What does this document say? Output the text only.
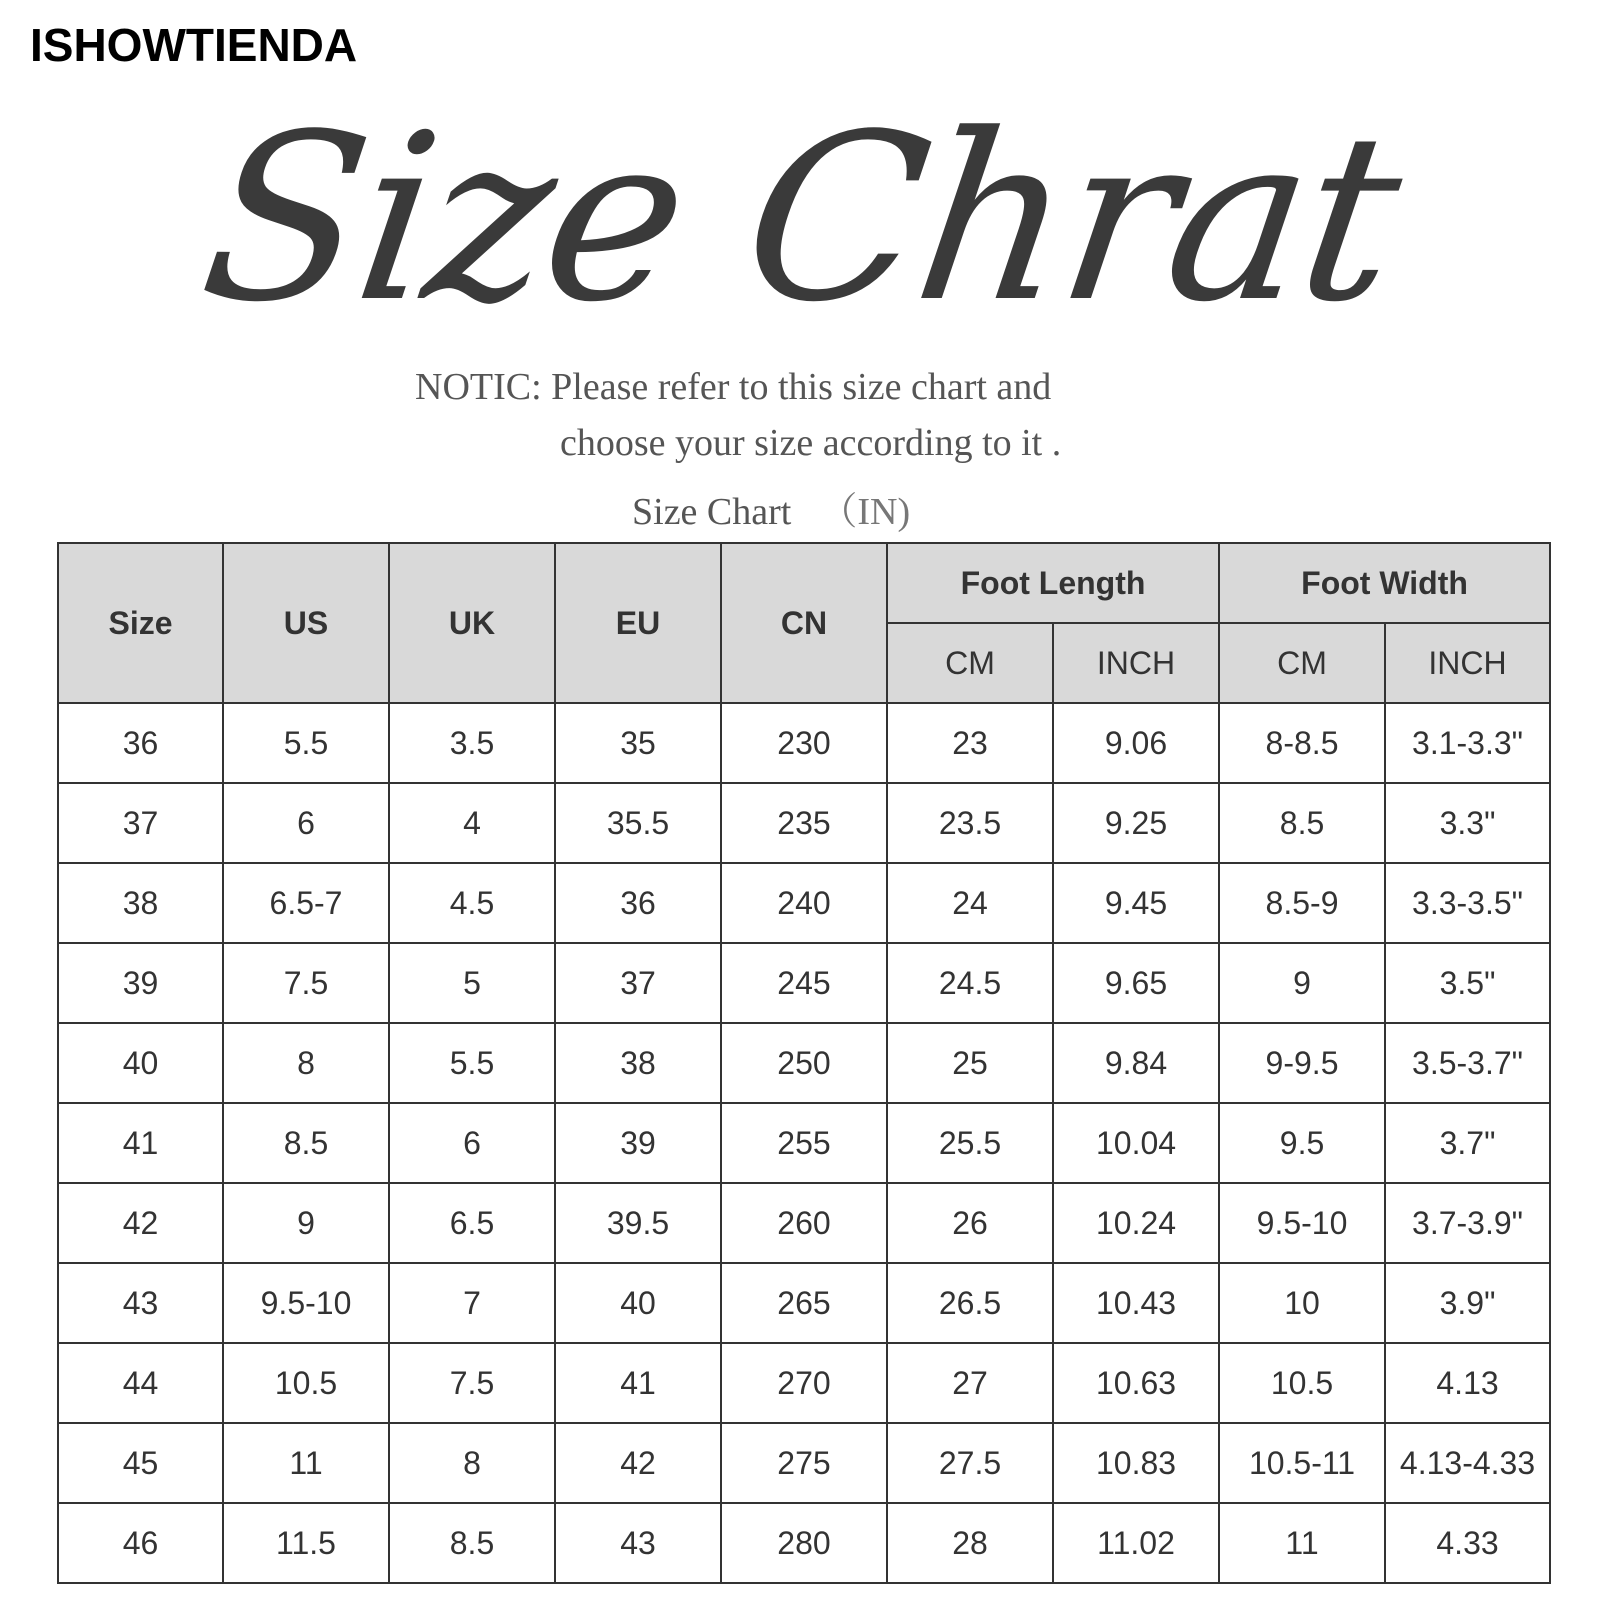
ISHOWTIENDA
Size Chrat
NOTIC: Please refer to this size chart and
choose your size according to it .
Size Chart （IN)
Size	US	UK	EU	CN	Foot Length		Foot Width	
					CM	INCH	CM	INCH
36	5.5	3.5	35	230	23	9.06	8-8.5	3.1-3.3"
37	6	4	35.5	235	23.5	9.25	8.5	3.3"
38	6.5-7	4.5	36	240	24	9.45	8.5-9	3.3-3.5"
39	7.5	5	37	245	24.5	9.65	9	3.5"
40	8	5.5	38	250	25	9.84	9-9.5	3.5-3.7"
41	8.5	6	39	255	25.5	10.04	9.5	3.7"
42	9	6.5	39.5	260	26	10.24	9.5-10	3.7-3.9"
43	9.5-10	7	40	265	26.5	10.43	10	3.9"
44	10.5	7.5	41	270	27	10.63	10.5	4.13
45	11	8	42	275	27.5	10.83	10.5-11	4.13-4.33
46	11.5	8.5	43	280	28	11.02	11	4.33
